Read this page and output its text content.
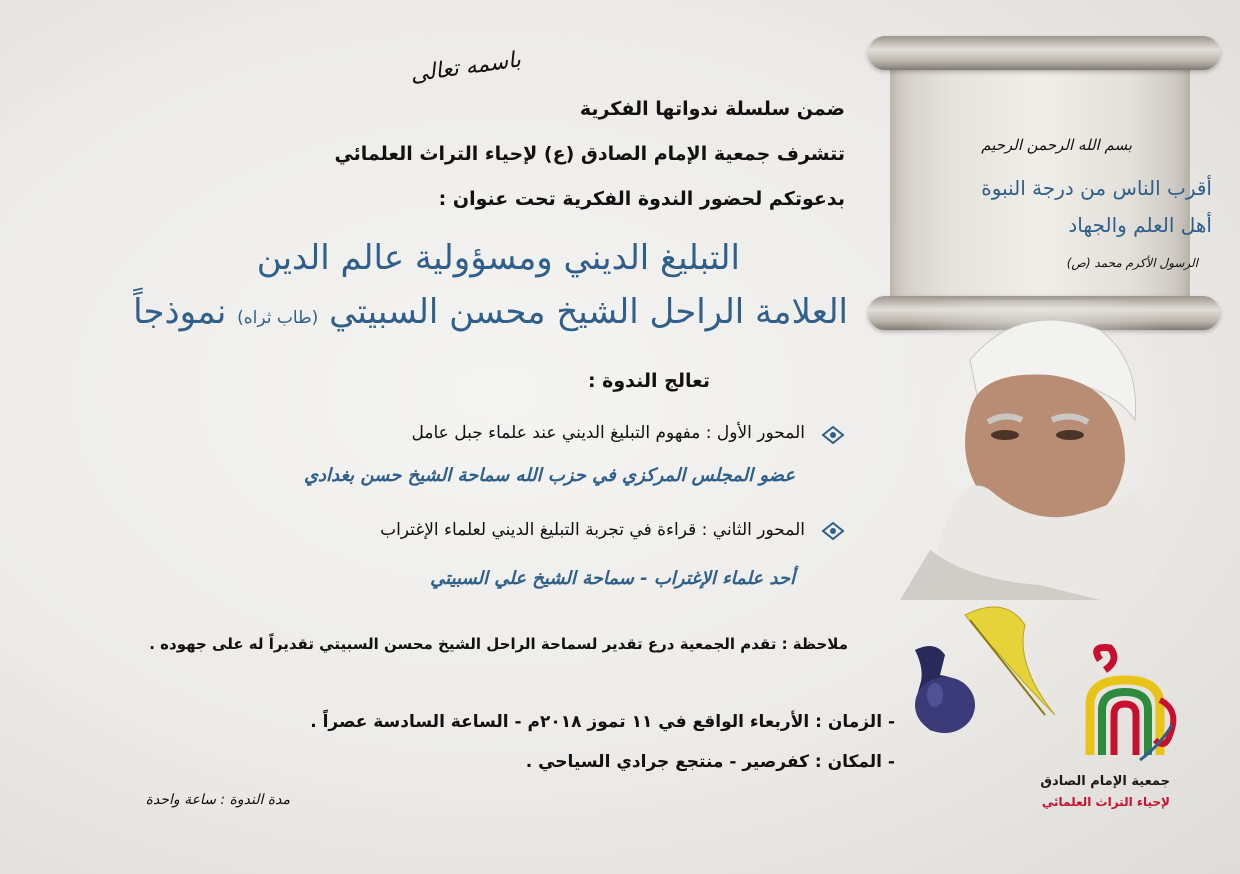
باسمه تعالى
ضمن سلسلة ندواتها الفكرية
تتشرف جمعية الإمام الصادق (ع) لإحياء التراث العلمائي
بدعوتكم لحضور الندوة الفكرية تحت عنوان :
التبليغ الديني ومسؤولية عالم الدين
العلامة الراحل الشيخ محسن السبيتي (طاب ثراه) نموذجاً
تعالج الندوة :
المحور الأول : مفهوم التبليغ الديني عند علماء جبل عامل
عضو المجلس المركزي في حزب الله سماحة الشيخ حسن بغدادي
المحور الثاني : قراءة في تجربة التبليغ الديني لعلماء الإغتراب
أحد علماء الإغتراب - سماحة الشيخ علي السبيتي
ملاحظة : تقدم الجمعية درع تقدير لسماحة الراحل الشيخ محسن السبيتي تقديراً له على جهوده .
- الزمان : الأربعاء الواقع في ١١ تموز ٢٠١٨م - الساعة السادسة عصراً .
- المكان : كفرصير - منتجع جرادي السياحي .
مدة الندوة : ساعة واحدة
بسم الله الرحمن الرحيم
أقرب الناس من درجة النبوة
أهل العلم والجهاد
الرسول الأكرم محمد (ص)
جمعية الإمام الصادق
لإحياء التراث العلمائي
